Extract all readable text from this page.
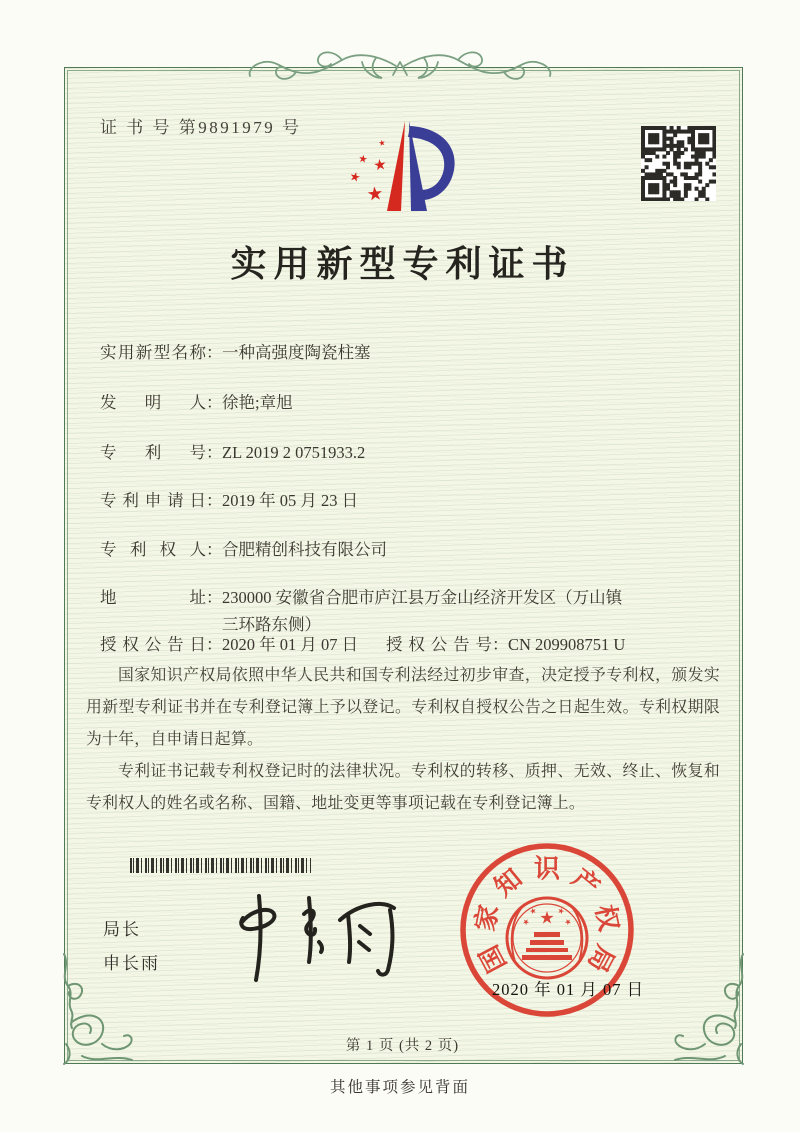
证 书 号 第9891979 号
实用新型专利证书
实用新型名称 ： 一种高强度陶瓷柱塞
发明人 ： 徐艳;章旭
专利号 ： ZL 2019 2 0751933.2
专利申请日 ： 2019 年 05 月 23 日
专利权人 ： 合肥精创科技有限公司
地址 ： 230000 安徽省合肥市庐江县万金山经济开发区（万山镇三环路东侧）
授权公告日 ： 2020 年 01 月 07 日 授权公告号 ： CN 209908751 U

国家知识产权局依照中华人民共和国专利法经过初步审查，决定授予专利权，颁发实用新型专利证书并在专利登记簿上予以登记。专利权自授权公告之日起生效。专利权期限为十年，自申请日起算。

专利证书记载专利权登记时的法律状况。专利权的转移、质押、无效、终止、恢复和专利权人的姓名或名称、国籍、地址变更等事项记载在专利登记簿上。

局长
申长雨	国
家
知 识 产
权
局
2020 年 01 月 07 日
第 1 页 (共 2 页)
其他事项参见背面
